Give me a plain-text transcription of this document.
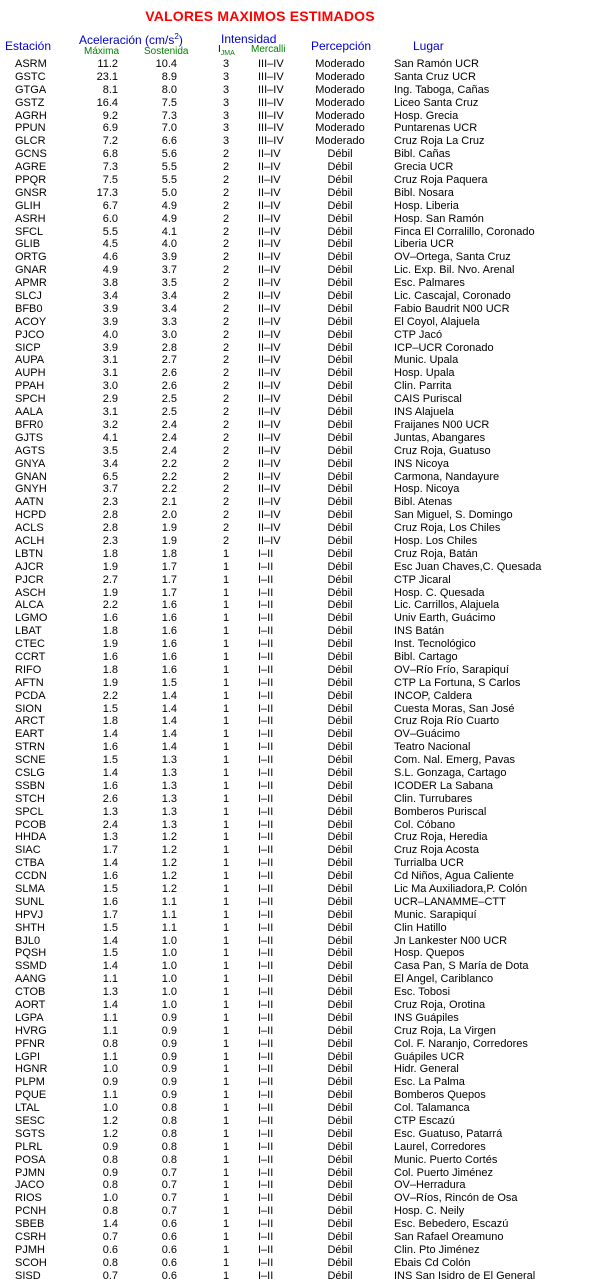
VALORES MAXIMOS ESTIMADOS
Estación Aceleración $(cm/s^2)$
Máxima Sostenida
Intensidad
$I_{JMA}$ Mercalli Percepción	Lugar
ASRM	11.2	10.4	3	III–IV	Moderado	San Ramón UCR
GSTC	23.1	8.9	3	III–IV	Moderado	Santa Cruz UCR
GTGA	8.1	8.0	3	III–IV	Moderado	Ing. Taboga, Cañas
GSTZ	16.4	7.5	3	III–IV	Moderado	Liceo Santa Cruz
AGRH	9.2	7.3	3	III–IV	Moderado	Hosp. Grecia
PPUN	6.9	7.0	3	III–IV	Moderado	Puntarenas UCR
GLCR	7.2	6.6	3	III–IV	Moderado	Cruz Roja La Cruz
GCNS	6.8	5.6	2	II–IV	Débil	Bibl. Cañas
AGRE	7.3	5.5	2	II–IV	Débil	Grecia UCR
PPQR	7.5	5.5	2	II–IV	Débil	Cruz Roja Paquera
GNSR	17.3	5.0	2	II–IV	Débil	Bibl. Nosara
GLIH	6.7	4.9	2	II–IV	Débil	Hosp. Liberia
ASRH	6.0	4.9	2	II–IV	Débil	Hosp. San Ramón
SFCL	5.5	4.1	2	II–IV	Débil	Finca El Corralillo, Coronado
GLIB	4.5	4.0	2	II–IV	Débil	Liberia UCR
ORTG	4.6	3.9	2	II–IV	Débil	OV–Ortega, Santa Cruz
GNAR	4.9	3.7	2	II–IV	Débil	Lic. Exp. Bil. Nvo. Arenal
APMR	3.8	3.5	2	II–IV	Débil	Esc. Palmares
SLCJ	3.4	3.4	2	II–IV	Débil	Lic. Cascajal, Coronado
BFB0	3.9	3.4	2	II–IV	Débil	Fabio Baudrit N00 UCR
ACOY	3.9	3.3	2	II–IV	Débil	El Coyol, Alajuela
PJCO	4.0	3.0	2	II–IV	Débil	CTP Jacó
SICP	3.9	2.8	2	II–IV	Débil	ICP–UCR Coronado
AUPA	3.1	2.7	2	II–IV	Débil	Munic. Upala
AUPH	3.1	2.6	2	II–IV	Débil	Hosp. Upala
PPAH	3.0	2.6	2	II–IV	Débil	Clin. Parrita
SPCH	2.9	2.5	2	II–IV	Débil	CAIS Puriscal
AALA	3.1	2.5	2	II–IV	Débil	INS Alajuela
BFR0	3.2	2.4	2	II–IV	Débil	Fraijanes N00 UCR
GJTS	4.1	2.4	2	II–IV	Débil	Juntas, Abangares
AGTS	3.5	2.4	2	II–IV	Débil	Cruz Roja, Guatuso
GNYA	3.4	2.2	2	II–IV	Débil	INS Nicoya
GNAN	6.5	2.2	2	II–IV	Débil	Carmona, Nandayure
GNYH	3.7	2.2	2	II–IV	Débil	Hosp. Nicoya
AATN	2.3	2.1	2	II–IV	Débil	Bibl. Atenas
HCPD	2.8	2.0	2	II–IV	Débil	San Miguel, S. Domingo
ACLS	2.8	1.9	2	II–IV	Débil	Cruz Roja, Los Chiles
ACLH	2.3	1.9	2	II–IV	Débil	Hosp. Los Chiles
LBTN	1.8	1.8	1	I–II	Débil	Cruz Roja, Batán
AJCR	1.9	1.7	1	I–II	Débil	Esc Juan Chaves,C. Quesada
PJCR	2.7	1.7	1	I–II	Débil	CTP Jicaral
ASCH	1.9	1.7	1	I–II	Débil	Hosp. C. Quesada
ALCA	2.2	1.6	1	I–II	Débil	Lic. Carrillos, Alajuela
LGMO	1.6	1.6	1	I–II	Débil	Univ Earth, Guácimo
LBAT	1.8	1.6	1	I–II	Débil	INS Batán
CTEC	1.9	1.6	1	I–II	Débil	Inst. Tecnológico
CCRT	1.6	1.6	1	I–II	Débil	Bibl. Cartago
RIFO	1.8	1.6	1	I–II	Débil	OV–Río Frío, Sarapiquí
AFTN	1.9	1.5	1	I–II	Débil	CTP La Fortuna, S Carlos
PCDA	2.2	1.4	1	I–II	Débil	INCOP, Caldera
SION	1.5	1.4	1	I–II	Débil	Cuesta Moras, San José
ARCT	1.8	1.4	1	I–II	Débil	Cruz Roja Río Cuarto
EART	1.4	1.4	1	I–II	Débil	OV–Guácimo
STRN	1.6	1.4	1	I–II	Débil	Teatro Nacional
SCNE	1.5	1.3	1	I–II	Débil	Com. Nal. Emerg, Pavas
CSLG	1.4	1.3	1	I–II	Débil	S.L. Gonzaga, Cartago
SSBN	1.6	1.3	1	I–II	Débil	ICODER La Sabana
STCH	2.6	1.3	1	I–II	Débil	Clin. Turrubares
SPCL	1.3	1.3	1	I–II	Débil	Bomberos Puriscal
PCOB	2.4	1.3	1	I–II	Débil	Col. Cóbano
HHDA	1.3	1.2	1	I–II	Débil	Cruz Roja, Heredia
SIAC	1.7	1.2	1	I–II	Débil	Cruz Roja Acosta
CTBA	1.4	1.2	1	I–II	Débil	Turrialba UCR
CCDN	1.6	1.2	1	I–II	Débil	Cd Niños, Agua Caliente
SLMA	1.5	1.2	1	I–II	Débil	Lic Ma Auxiliadora,P. Colón
SUNL	1.6	1.1	1	I–II	Débil	UCR–LANAMME–CTT
HPVJ	1.7	1.1	1	I–II	Débil	Munic. Sarapiquí
SHTH	1.5	1.1	1	I–II	Débil	Clin Hatillo
BJL0	1.4	1.0	1	I–II	Débil	Jn Lankester N00 UCR
PQSH	1.5	1.0	1	I–II	Débil	Hosp. Quepos
SSMD	1.4	1.0	1	I–II	Débil	Casa Pan, S María de Dota
AANG	1.1	1.0	1	I–II	Débil	El Angel, Cariblanco
CTOB	1.3	1.0	1	I–II	Débil	Esc. Tobosi
AORT	1.4	1.0	1	I–II	Débil	Cruz Roja, Orotina
LGPA	1.1	0.9	1	I–II	Débil	INS Guápiles
HVRG	1.1	0.9	1	I–II	Débil	Cruz Roja, La Virgen
PFNR	0.8	0.9	1	I–II	Débil	Col. F. Naranjo, Corredores
LGPI	1.1	0.9	1	I–II	Débil	Guápiles UCR
HGNR	1.0	0.9	1	I–II	Débil	Hidr. General
PLPM	0.9	0.9	1	I–II	Débil	Esc. La Palma
PQUE	1.1	0.9	1	I–II	Débil	Bomberos Quepos
LTAL	1.0	0.8	1	I–II	Débil	Col. Talamanca
SESC	1.2	0.8	1	I–II	Débil	CTP Escazú
SGTS	1.2	0.8	1	I–II	Débil	Esc. Guatuso, Patarrá
PLRL	0.9	0.8	1	I–II	Débil	Laurel, Corredores
POSA	0.8	0.8	1	I–II	Débil	Munic. Puerto Cortés
PJMN	0.9	0.7	1	I–II	Débil	Col. Puerto Jiménez
JACO	0.8	0.7	1	I–II	Débil	OV–Herradura
RIOS	1.0	0.7	1	I–II	Débil	OV–Ríos, Rincón de Osa
PCNH	0.8	0.7	1	I–II	Débil	Hosp. C. Neily
SBEB	1.4	0.6	1	I–II	Débil	Esc. Bebedero, Escazú
CSRH	0.7	0.6	1	I–II	Débil	San Rafael Oreamuno
PJMH	0.6	0.6	1	I–II	Débil	Clin. Pto Jiménez
SCOH	0.8	0.6	1	I–II	Débil	Ebais Cd Colón
SISD	0.7	0.6	1	I–II	Débil	INS San Isidro de El General
